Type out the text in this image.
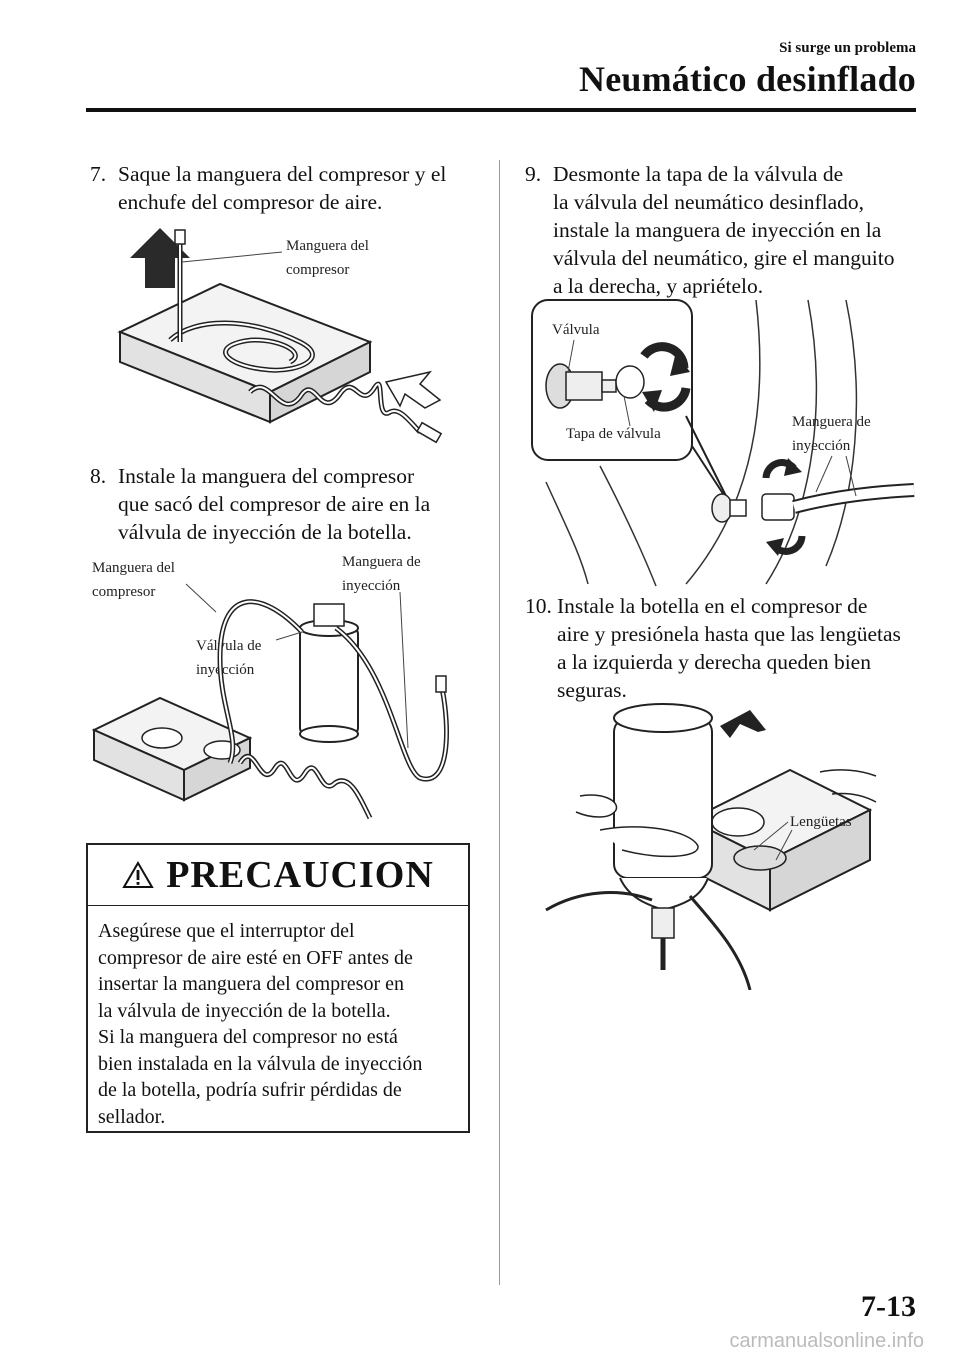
Si surge un problema
Neumático desinflado
7. Saque la manguera del compresor y el
enchufe del compresor de aire.
Manguera del
compresor
8. Instale la manguera del compresor
que sacó del compresor de aire en la
válvula de inyección de la botella.
Manguera del
compresor
Manguera de
inyección
Válvula de
inyección
PRECAUCION
Asegúrese que el interruptor del
compresor de aire esté en OFF antes de
insertar la manguera del compresor en
la válvula de inyección de la botella.
Si la manguera del compresor no está
bien instalada en la válvula de inyección
de la botella, podría sufrir pérdidas de
sellador.
9. Desmonte la tapa de la válvula de
la válvula del neumático desinflado,
instale la manguera de inyección en la
válvula del neumático, gire el manguito
a la derecha, y apriételo.
Válvula
Tapa de válvula
Manguera de
inyección
10. Instale la botella en el compresor de
aire y presiónela hasta que las lengüetas
a la izquierda y derecha queden bien
seguras.
Lengüetas
7-13
carmanualsonline.info
